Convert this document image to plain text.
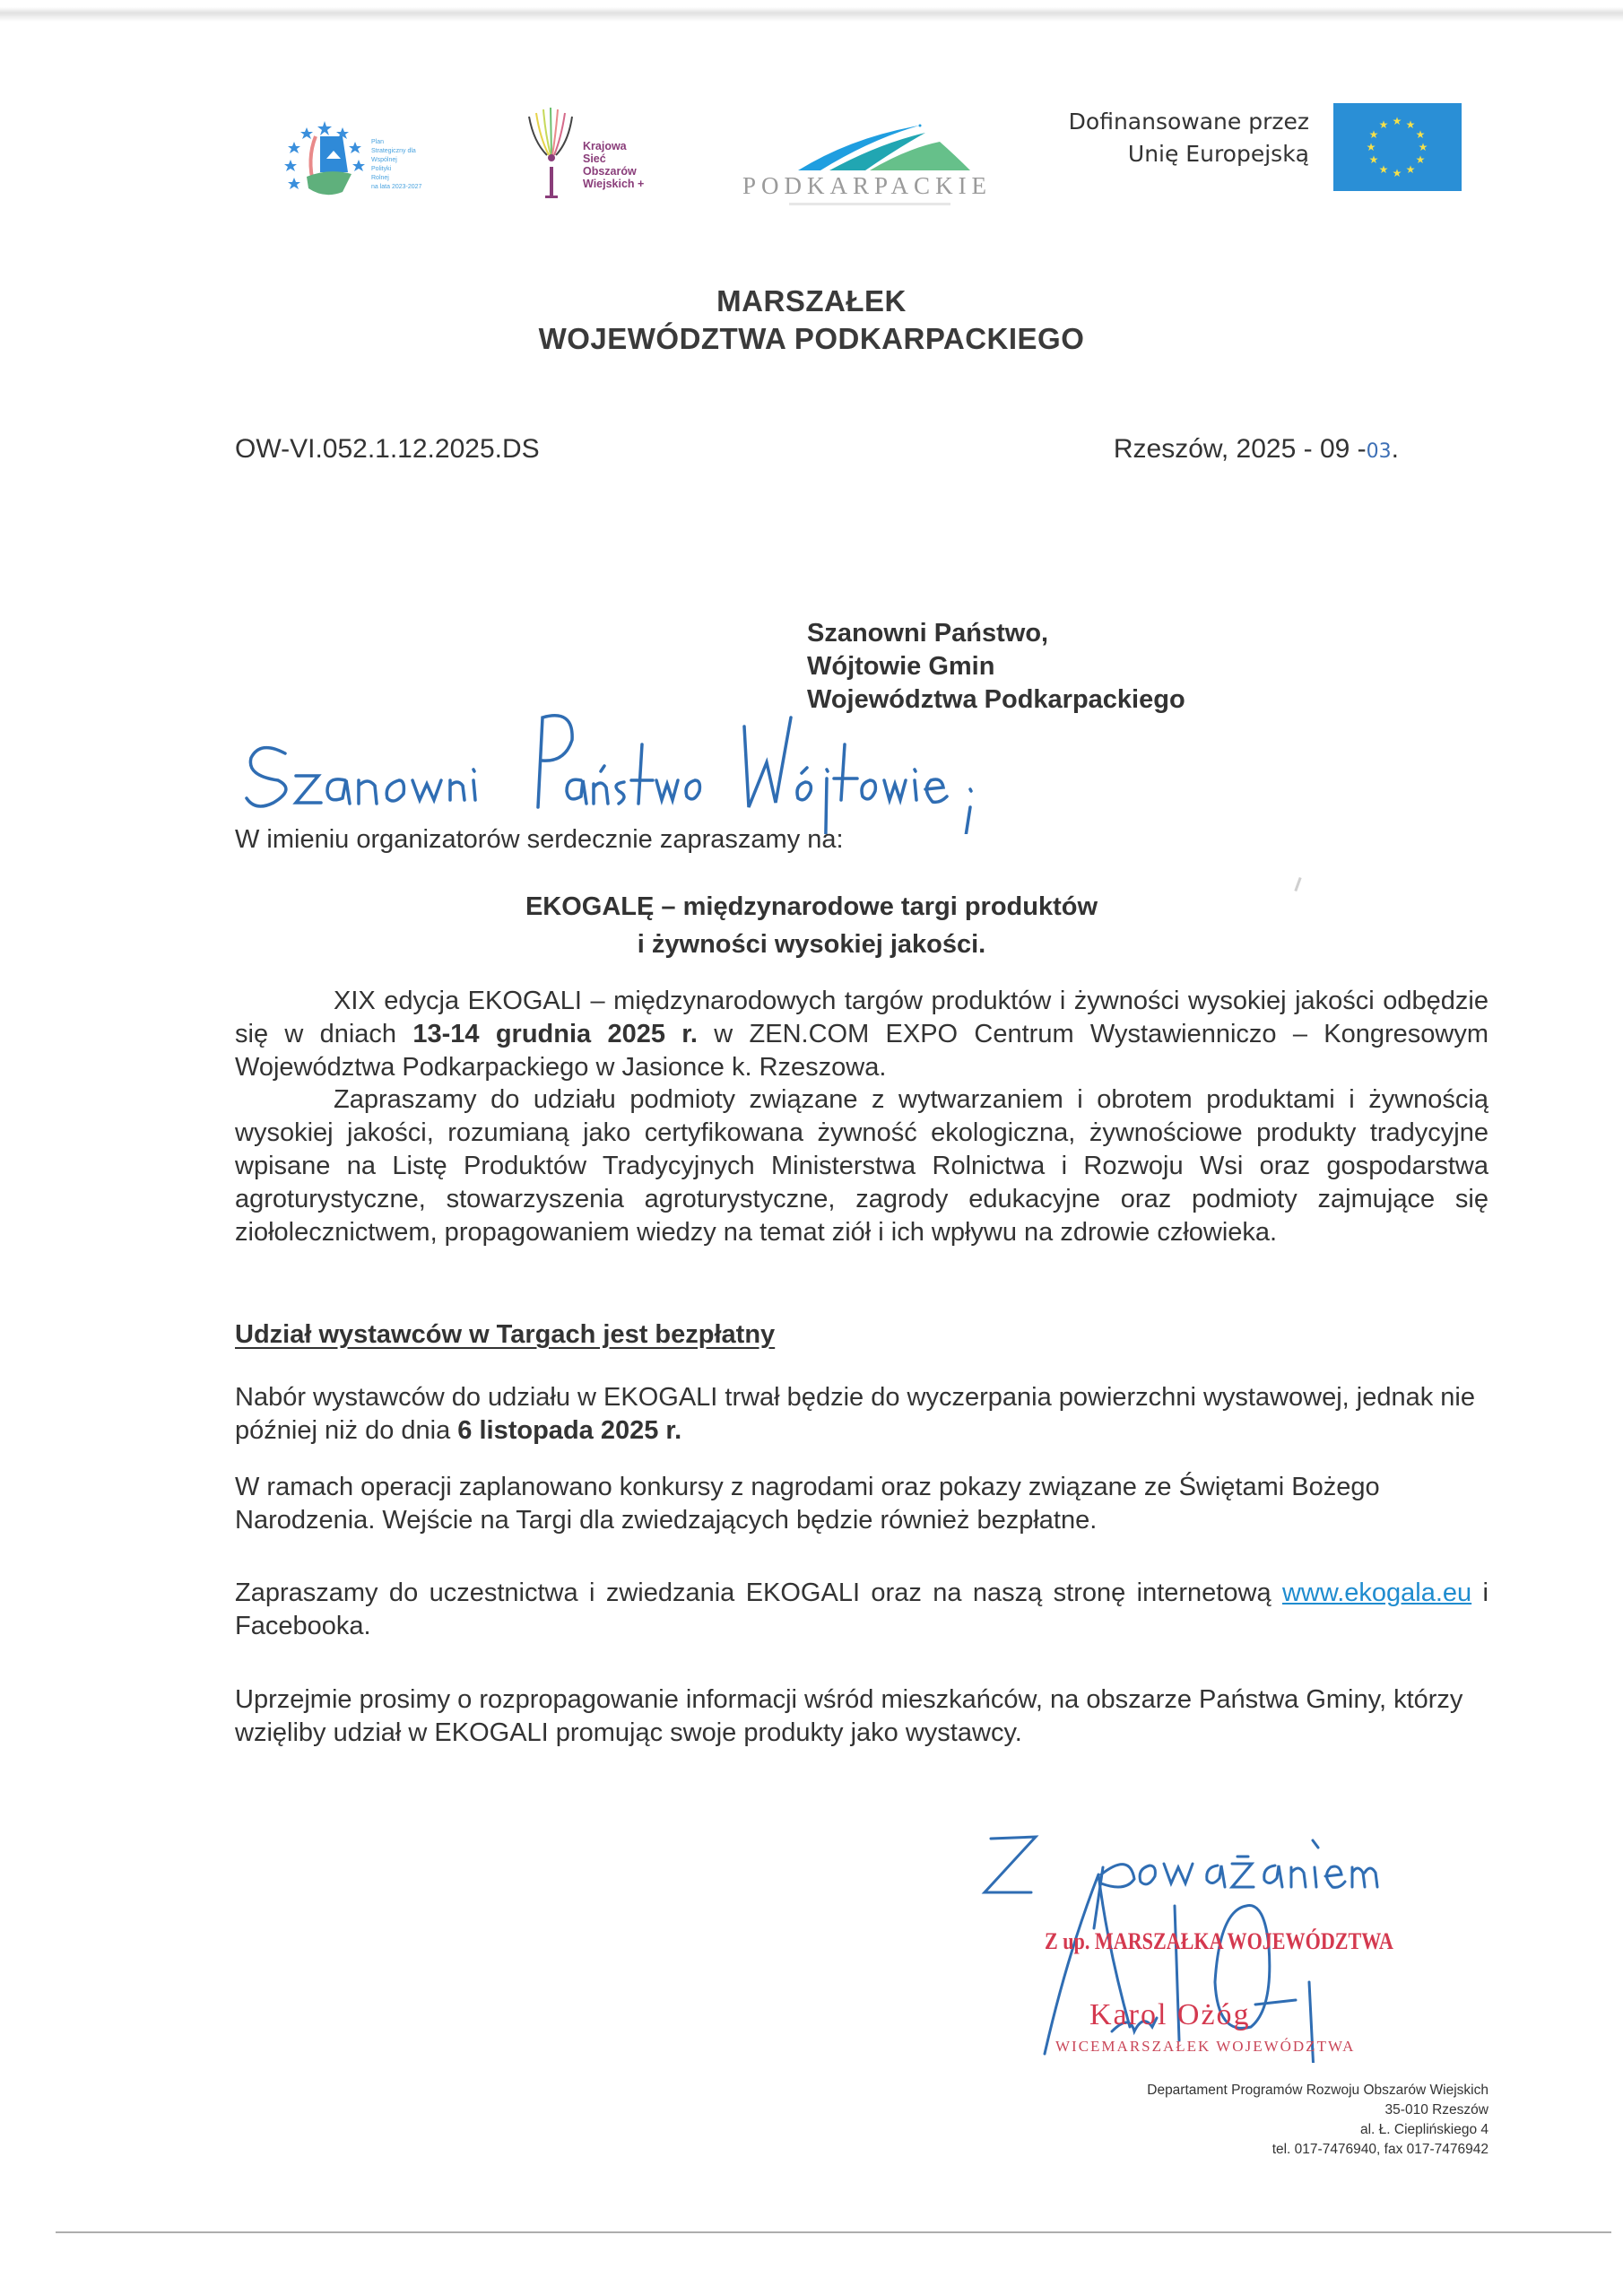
Plan
Strategiczny dla
Wspólnej
Polityki
Rolnej
na lata 2023-2027
Krajowa
Sieć
Obszarów
Wiejskich +	PODKARPACKIE
Dofinansowane przez
Unię Europejską
★ ★
★
★
★
★
★
★
★
★
★
★
MARSZAŁEK
WOJEWÓDZTWA PODKARPACKIEGO
OW-VI.052.1.12.2025.DS	Rzeszów, 2025 - 09 -03.
Szanowni Państwo,
Wójtowie Gmin
Województwa Podkarpackiego
W imieniu organizatorów serdecznie zapraszamy na:
EKOGALĘ – międzynarodowe targi produktów
i żywności wysokiej jakości.
XIX edycja EKOGALI – międzynarodowych targów produktów i żywności wysokiej jakości odbędzie się w dniach 13-14 grudnia 2025 r. w ZEN.COM EXPO Centrum Wystawienniczo – Kongresowym Województwa Podkarpackiego w Jasionce k. Rzeszowa.
Zapraszamy do udziału podmioty związane z wytwarzaniem i obrotem produktami i żywnością wysokiej jakości, rozumianą jako certyfikowana żywność ekologiczna, żywnościowe produkty tradycyjne wpisane na Listę Produktów Tradycyjnych Ministerstwa Rolnictwa i Rozwoju Wsi oraz gospodarstwa agroturystyczne, stowarzyszenia agroturystyczne, zagrody edukacyjne oraz podmioty zajmujące się ziołolecznictwem, propagowaniem wiedzy na temat ziół i ich wpływu na zdrowie człowieka.
Udział wystawców w Targach jest bezpłatny
Nabór wystawców do udziału w EKOGALI trwał będzie do wyczerpania powierzchni wystawowej, jednak nie później niż do dnia 6 listopada 2025 r.
W ramach operacji zaplanowano konkursy z nagrodami oraz pokazy związane ze Świętami Bożego Narodzenia. Wejście na Targi dla zwiedzających będzie również bezpłatne.
Zapraszamy do uczestnictwa i zwiedzania EKOGALI oraz na naszą stronę internetową www.ekogala.eu i Facebooka.
Uprzejmie prosimy o rozpropagowanie informacji wśród mieszkańców, na obszarze Państwa Gminy, którzy wzięliby udział w EKOGALI promując swoje produkty jako wystawcy.
Z up. MARSZAŁKA WOJEWÓDZTWA
Karol Ożóg
WICEMARSZAŁEK WOJEWÓDZTWA
Departament Programów Rozwoju Obszarów Wiejskich
35-010 Rzeszów
al. Ł. Cieplińskiego 4
tel. 017-7476940, fax 017-7476942
